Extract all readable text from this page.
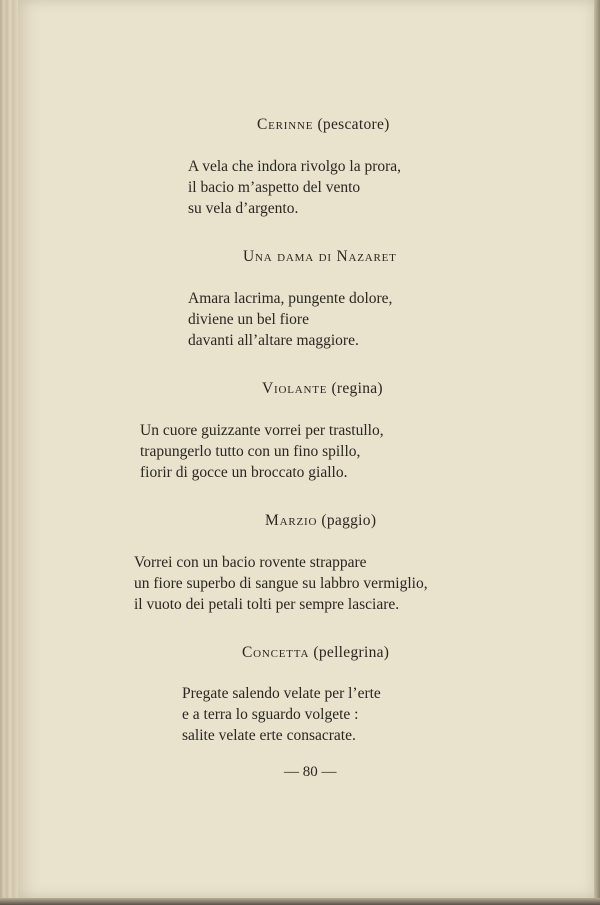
Cerinne (pescatore)
A vela che indora rivolgo la prora,
il bacio m’aspetto del vento
su vela d’argento.
Una dama di Nazaret
Amara lacrima, pungente dolore,
diviene un bel fiore
davanti all’altare maggiore.
Violante (regina)
Un cuore guizzante vorrei per trastullo,
trapungerlo tutto con un fino spillo,
fiorir di gocce un broccato giallo.
Marzio (paggio)
Vorrei con un bacio rovente strappare
un fiore superbo di sangue su labbro vermiglio,
il vuoto dei petali tolti per sempre lasciare.
Concetta (pellegrina)
Pregate salendo velate per l’erte
e a terra lo sguardo volgete :
salite velate erte consacrate.
— 80 —
